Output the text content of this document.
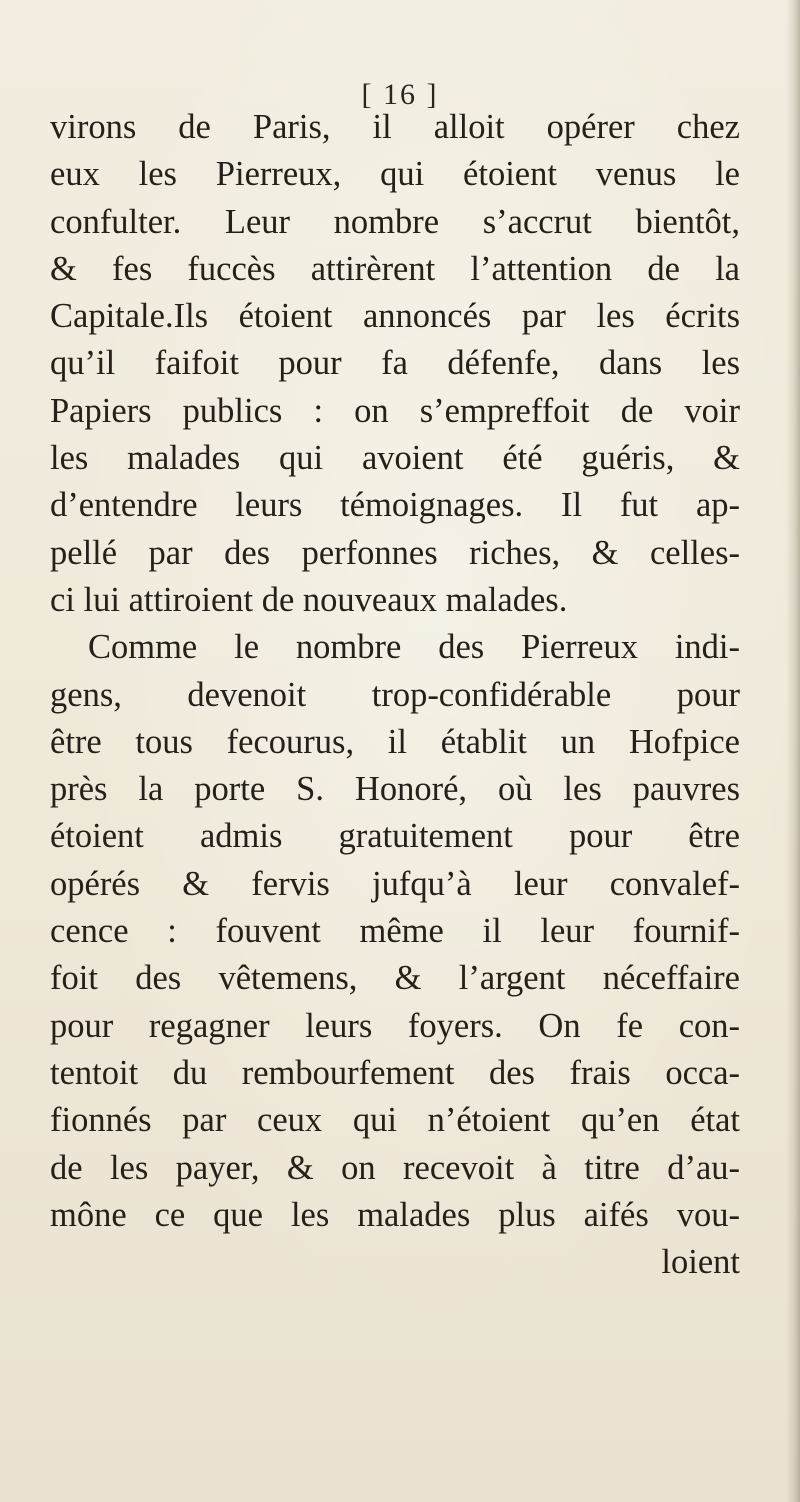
[ 16 ]
virons de Paris, il alloit opérer chez
eux les Pierreux, qui étoient venus le
confulter. Leur nombre s’accrut bientôt,
& fes fuccès attirèrent l’attention de la
Capitale.Ils étoient annoncés par les écrits
qu’il faifoit pour fa défenfe, dans les
Papiers publics : on s’empreffoit de voir
les malades qui avoient été guéris, &
d’entendre leurs témoignages. Il fut ap-
pellé par des perfonnes riches, & celles-
ci lui attiroient de nouveaux malades.
Comme le nombre des Pierreux indi-
gens, devenoit trop-confidérable pour
être tous fecourus, il établit un Hofpice
près la porte S. Honoré, où les pauvres
étoient admis gratuitement pour être
opérés & fervis jufqu’à leur convalef-
cence : fouvent même il leur fournif-
foit des vêtemens, & l’argent néceffaire
pour regagner leurs foyers. On fe con-
tentoit du rembourfement des frais occa-
fionnés par ceux qui n’étoient qu’en état
de les payer, & on recevoit à titre d’au-
mône ce que les malades plus aifés vou-
loient
